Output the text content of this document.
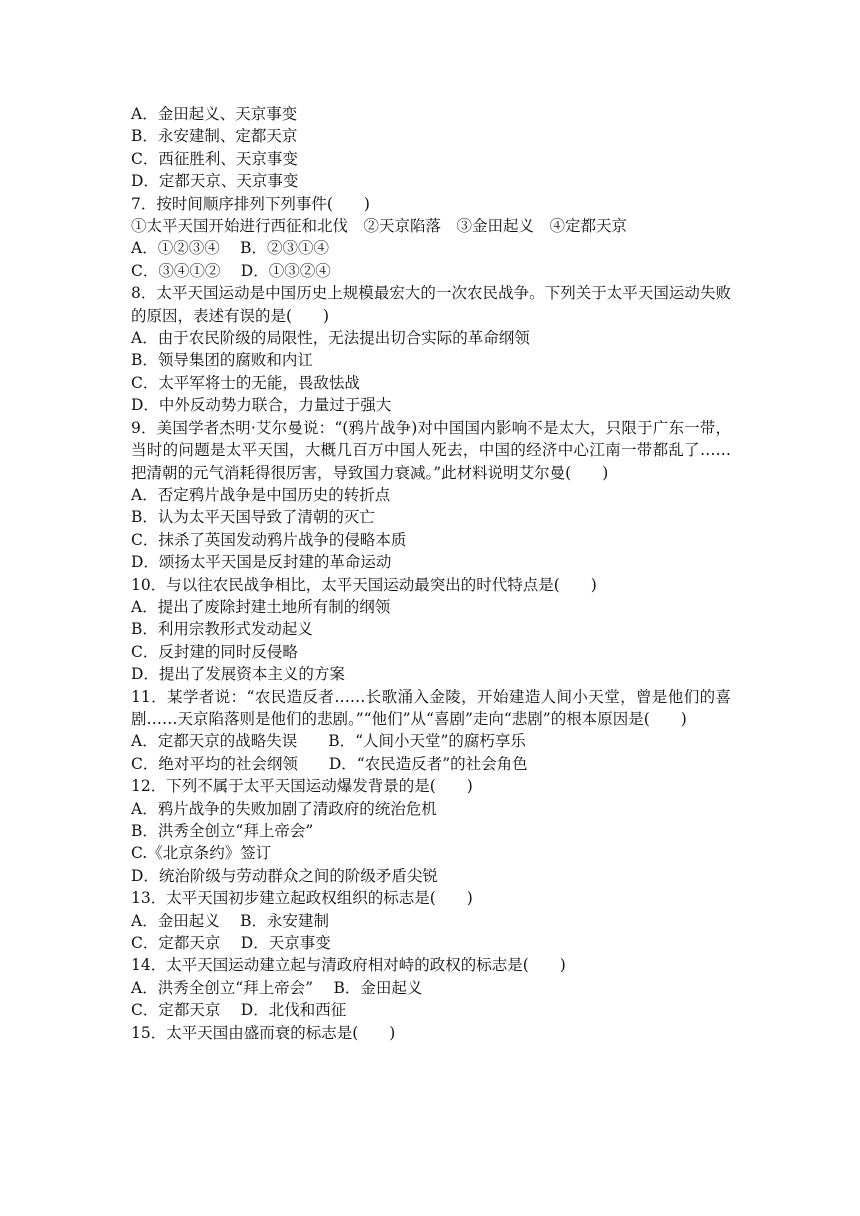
A．金田起义、天京事变
B．永安建制、定都天京
C．西征胜利、天京事变
D．定都天京、天京事变
7．按时间顺序排列下列事件(　　)
①太平天国开始进行西征和北伐　②天京陷落　③金田起义　④定都天京
A．①②③④　 B．②③①④
C．③④①②　 D．①③②④
8．太平天国运动是中国历史上规模最宏大的一次农民战争。下列关于太平天国运动失败的原因，表述有误的是(　　)
A．由于农民阶级的局限性，无法提出切合实际的革命纲领
B．领导集团的腐败和内讧
C．太平军将士的无能，畏敌怯战
D．中外反动势力联合，力量过于强大
9．美国学者杰明·艾尔曼说：“(鸦片战争)对中国国内影响不是太大，只限于广东一带，当时的问题是太平天国，大概几百万中国人死去，中国的经济中心江南一带都乱了……把清朝的元气消耗得很厉害，导致国力衰减。”此材料说明艾尔曼(　　)
A．否定鸦片战争是中国历史的转折点
B．认为太平天国导致了清朝的灭亡
C．抹杀了英国发动鸦片战争的侵略本质
D．颂扬太平天国是反封建的革命运动
10．与以往农民战争相比，太平天国运动最突出的时代特点是(　　)
A．提出了废除封建土地所有制的纲领
B．利用宗教形式发动起义
C．反封建的同时反侵略
D．提出了发展资本主义的方案
11．某学者说：“农民造反者……长歌涌入金陵，开始建造人间小天堂，曾是他们的喜剧……天京陷落则是他们的悲剧。”“他们”从“喜剧”走向“悲剧”的根本原因是(　　)
A．定都天京的战略失误　　B．“人间小天堂”的腐朽享乐
C．绝对平均的社会纲领　　D．“农民造反者”的社会角色
12．下列不属于太平天国运动爆发背景的是(　　)
A．鸦片战争的失败加剧了清政府的统治危机
B．洪秀全创立“拜上帝会”
C.《北京条约》签订
D．统治阶级与劳动群众之间的阶级矛盾尖锐
13．太平天国初步建立起政权组织的标志是(　　)
A．金田起义　 B．永安建制
C．定都天京　 D．天京事变
14．太平天国运动建立起与清政府相对峙的政权的标志是(　　)
A．洪秀全创立“拜上帝会”　 B．金田起义
C．定都天京　 D．北伐和西征
15．太平天国由盛而衰的标志是(　　)
